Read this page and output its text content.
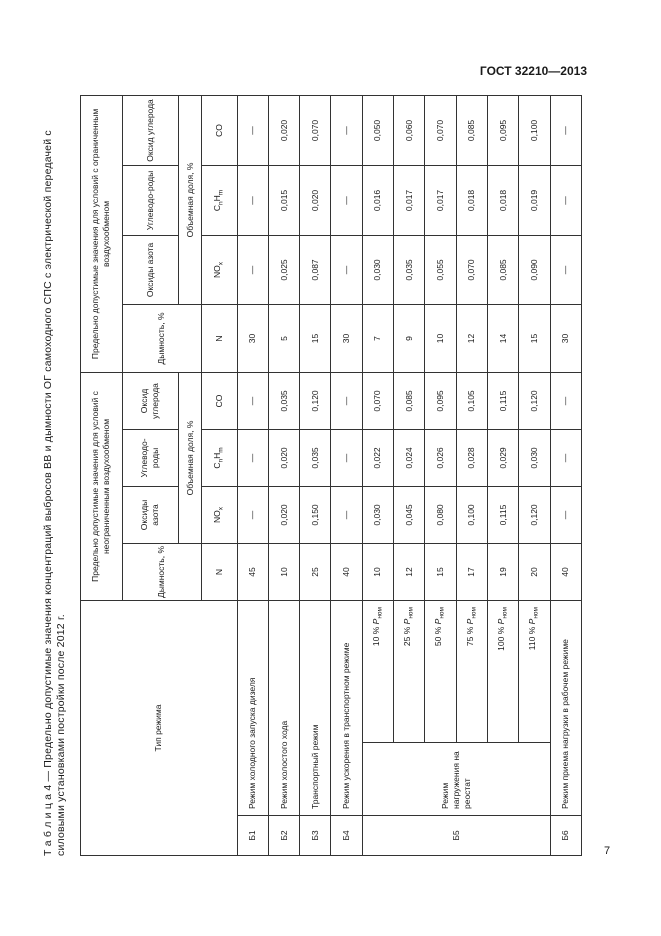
ГОСТ 32210—2013
Т а б л и ц а 4 — Предельно допустимые значения концентраций выбросов ВВ и дымности ОГ самоходного СПС с электрической передачей с силовыми установками постройки после 2012 г.	Тип режима			Предельно допустимые значения для условий с неограниченным воздухообменом				Предельно допустимые значения для условий с ограниченным воздухообменом			
			Дымность, %	Оксиды азота	Углеводо-роды	Оксид углерода	Дымность, %	Оксиды азота	Углеводо-роды	Оксид углерода
				Объемная доля, %				Объемная доля, %		
			N	$NO_x$	$C_nH_m$	CO	N	$NO_x$	$C_nH_m$	CO
Б1	Режим холодного запуска дизеля		45	—	—	—	30	—	—	—
Б2	Режим холостого хода		10	0,020	0,020	0,035	5	0,025	0,015	0,020
Б3	Транспортный режим		25	0,150	0,035	0,120	15	0,087	0,020	0,070
Б4	Режим ускорения в транспортном режиме		40	—	—	—	30	—	—	—
Б5	Режим нагружения на реостат	10 % $P_{ном}$	10	0,030	0,022	0,070	7	0,030	0,016	0,050
		25 % $P_{ном}$	12	0,045	0,024	0,085	9	0,035	0,017	0,060
		50 % $P_{ном}$	15	0,080	0,026	0,095	10	0,055	0,017	0,070
		75 % $P_{ном}$	17	0,100	0,028	0,105	12	0,070	0,018	0,085
		100 % $P_{ном}$	19	0,115	0,029	0,115	14	0,085	0,018	0,095
		110 % $P_{ном}$	20	0,120	0,030	0,120	15	0,090	0,019	0,100
Б6	Режим приема нагрузки в рабочем режиме		40	—	—	—	30	—	—	—
7
